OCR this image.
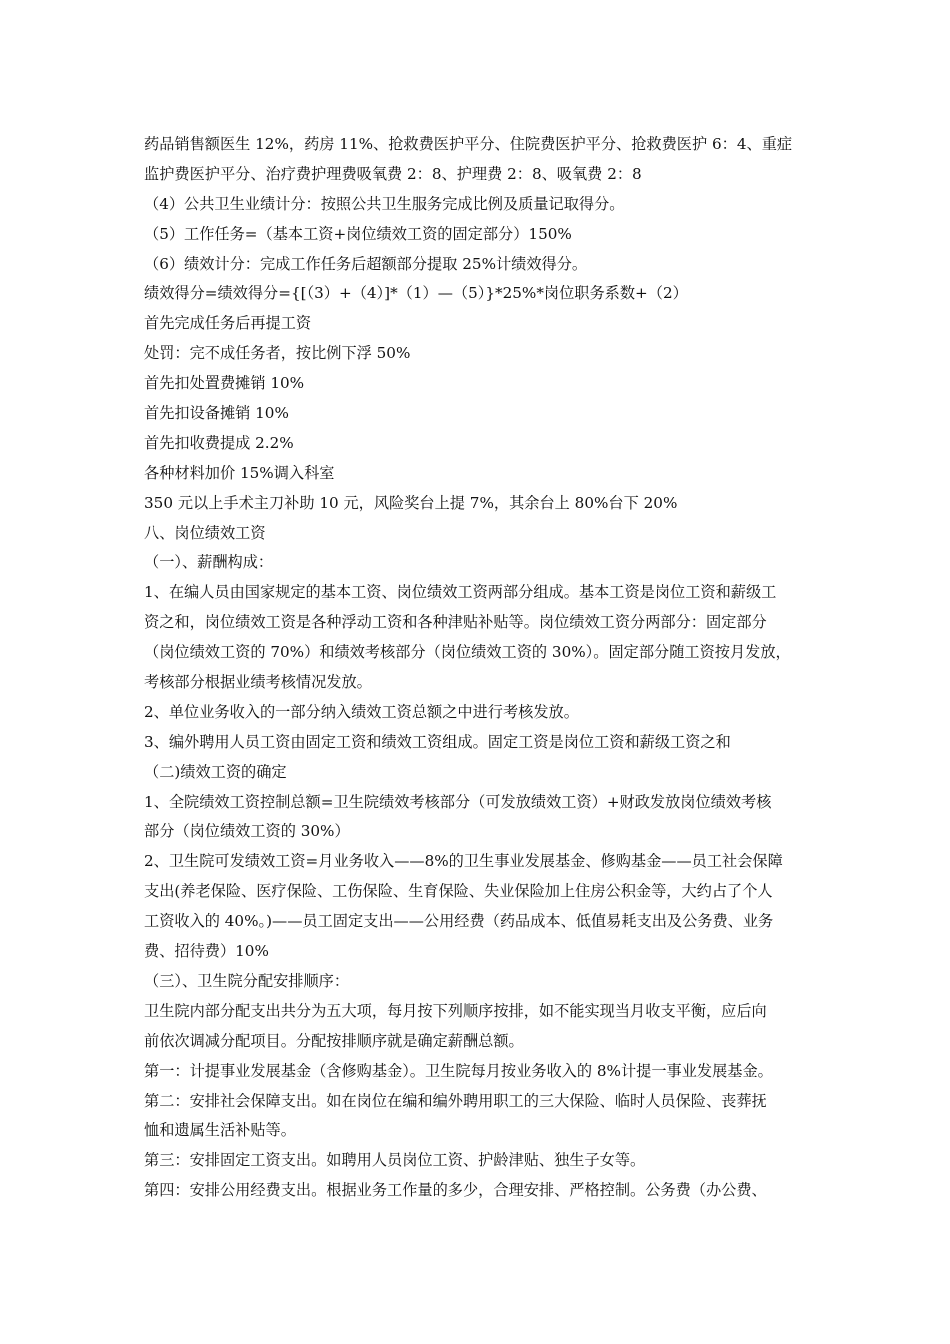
药品销售额医生 12%，药房 11%、抢救费医护平分、住院费医护平分、抢救费医护 6：4、重症
监护费医护平分、治疗费护理费吸氧费 2：8、护理费 2：8、吸氧费 2：8
（4）公共卫生业绩计分：按照公共卫生服务完成比例及质量记取得分。
（5）工作任务=（基本工资+岗位绩效工资的固定部分）150%
（6）绩效计分：完成工作任务后超额部分提取 25%计绩效得分。
绩效得分=绩效得分={[（3）+（4）]*（1）—（5）}*25%*岗位职务系数+（2）
首先完成任务后再提工资
处罚：完不成任务者，按比例下浮 50%
首先扣处置费摊销 10%
首先扣设备摊销 10%
首先扣收费提成 2.2%
各种材料加价 15%调入科室
350 元以上手术主刀补助 10 元，风险奖台上提 7%，其余台上 80%台下 20%
八、岗位绩效工资
（一）、薪酬构成：
1、在编人员由国家规定的基本工资、岗位绩效工资两部分组成。基本工资是岗位工资和薪级工
资之和，岗位绩效工资是各种浮动工资和各种津贴补贴等。岗位绩效工资分两部分：固定部分
（岗位绩效工资的 70%）和绩效考核部分（岗位绩效工资的 30%）。固定部分随工资按月发放，
考核部分根据业绩考核情况发放。
2、单位业务收入的一部分纳入绩效工资总额之中进行考核发放。
3、编外聘用人员工资由固定工资和绩效工资组成。固定工资是岗位工资和薪级工资之和
（二)绩效工资的确定
1、全院绩效工资控制总额=卫生院绩效考核部分（可发放绩效工资）+财政发放岗位绩效考核
部分（岗位绩效工资的 30%）
2、卫生院可发绩效工资=月业务收入——8%的卫生事业发展基金、修购基金——员工社会保障
支出(养老保险、医疗保险、工伤保险、生育保险、失业保险加上住房公积金等，大约占了个人
工资收入的 40%。)——员工固定支出——公用经费（药品成本、低值易耗支出及公务费、业务
费、招待费）10%
（三）、卫生院分配安排顺序：
卫生院内部分配支出共分为五大项，每月按下列顺序按排，如不能实现当月收支平衡，应后向
前依次调减分配项目。分配按排顺序就是确定薪酬总额。
第一：计提事业发展基金（含修购基金）。卫生院每月按业务收入的 8%计提一事业发展基金。
第二：安排社会保障支出。如在岗位在编和编外聘用职工的三大保险、临时人员保险、丧葬抚
恤和遗属生活补贴等。
第三：安排固定工资支出。如聘用人员岗位工资、护龄津贴、独生子女等。
第四：安排公用经费支出。根据业务工作量的多少，合理安排、严格控制。公务费（办公费、
